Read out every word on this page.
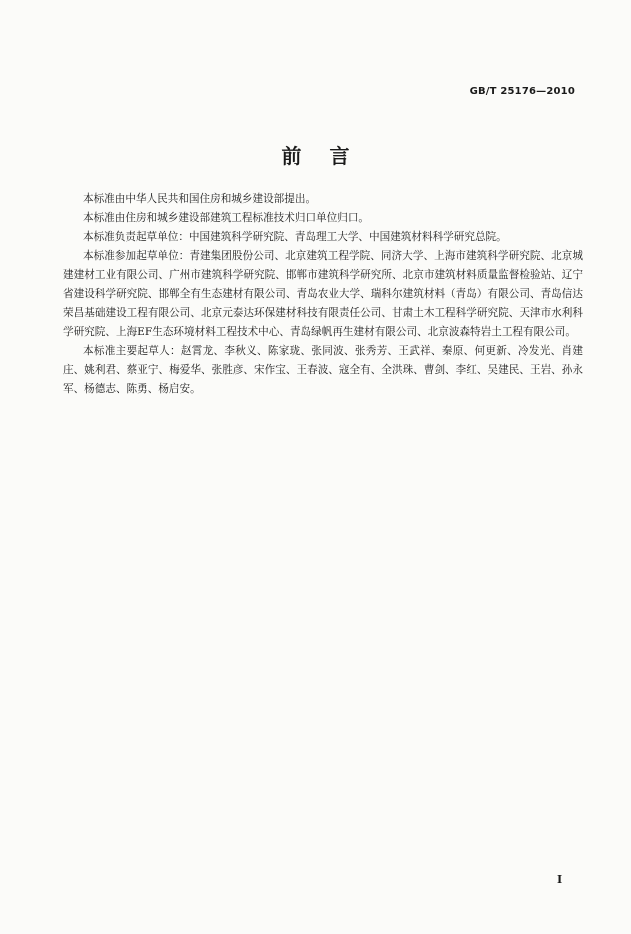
GB/T 25176—2010
前言

本标准由中华人民共和国住房和城乡建设部提出。

本标准由住房和城乡建设部建筑工程标准技术归口单位归口。

本标准负责起草单位：中国建筑科学研究院、青岛理工大学、中国建筑材料科学研究总院。

本标准参加起草单位：青建集团股份公司、北京建筑工程学院、同济大学、上海市建筑科学研究院、北京城建建材工业有限公司、广州市建筑科学研究院、邯郸市建筑科学研究所、北京市建筑材料质量监督检验站、辽宁省建设科学研究院、邯郸全有生态建材有限公司、青岛农业大学、瑞科尔建筑材料（青岛）有限公司、青岛信达荣昌基础建设工程有限公司、北京元泰达环保建材科技有限责任公司、甘肃土木工程科学研究院、天津市水利科学研究院、上海EF生态环境材料工程技术中心、青岛绿帆再生建材有限公司、北京波森特岩土工程有限公司。

本标准主要起草人：赵霄龙、李秋义、陈家珑、张同波、张秀芳、王武祥、秦原、何更新、冷发光、肖建庄、姚利君、蔡亚宁、梅爱华、张胜彦、宋作宝、王春波、寇全有、全洪珠、曹剑、李红、吴建民、王岩、孙永军、杨德志、陈勇、杨启安。

I
